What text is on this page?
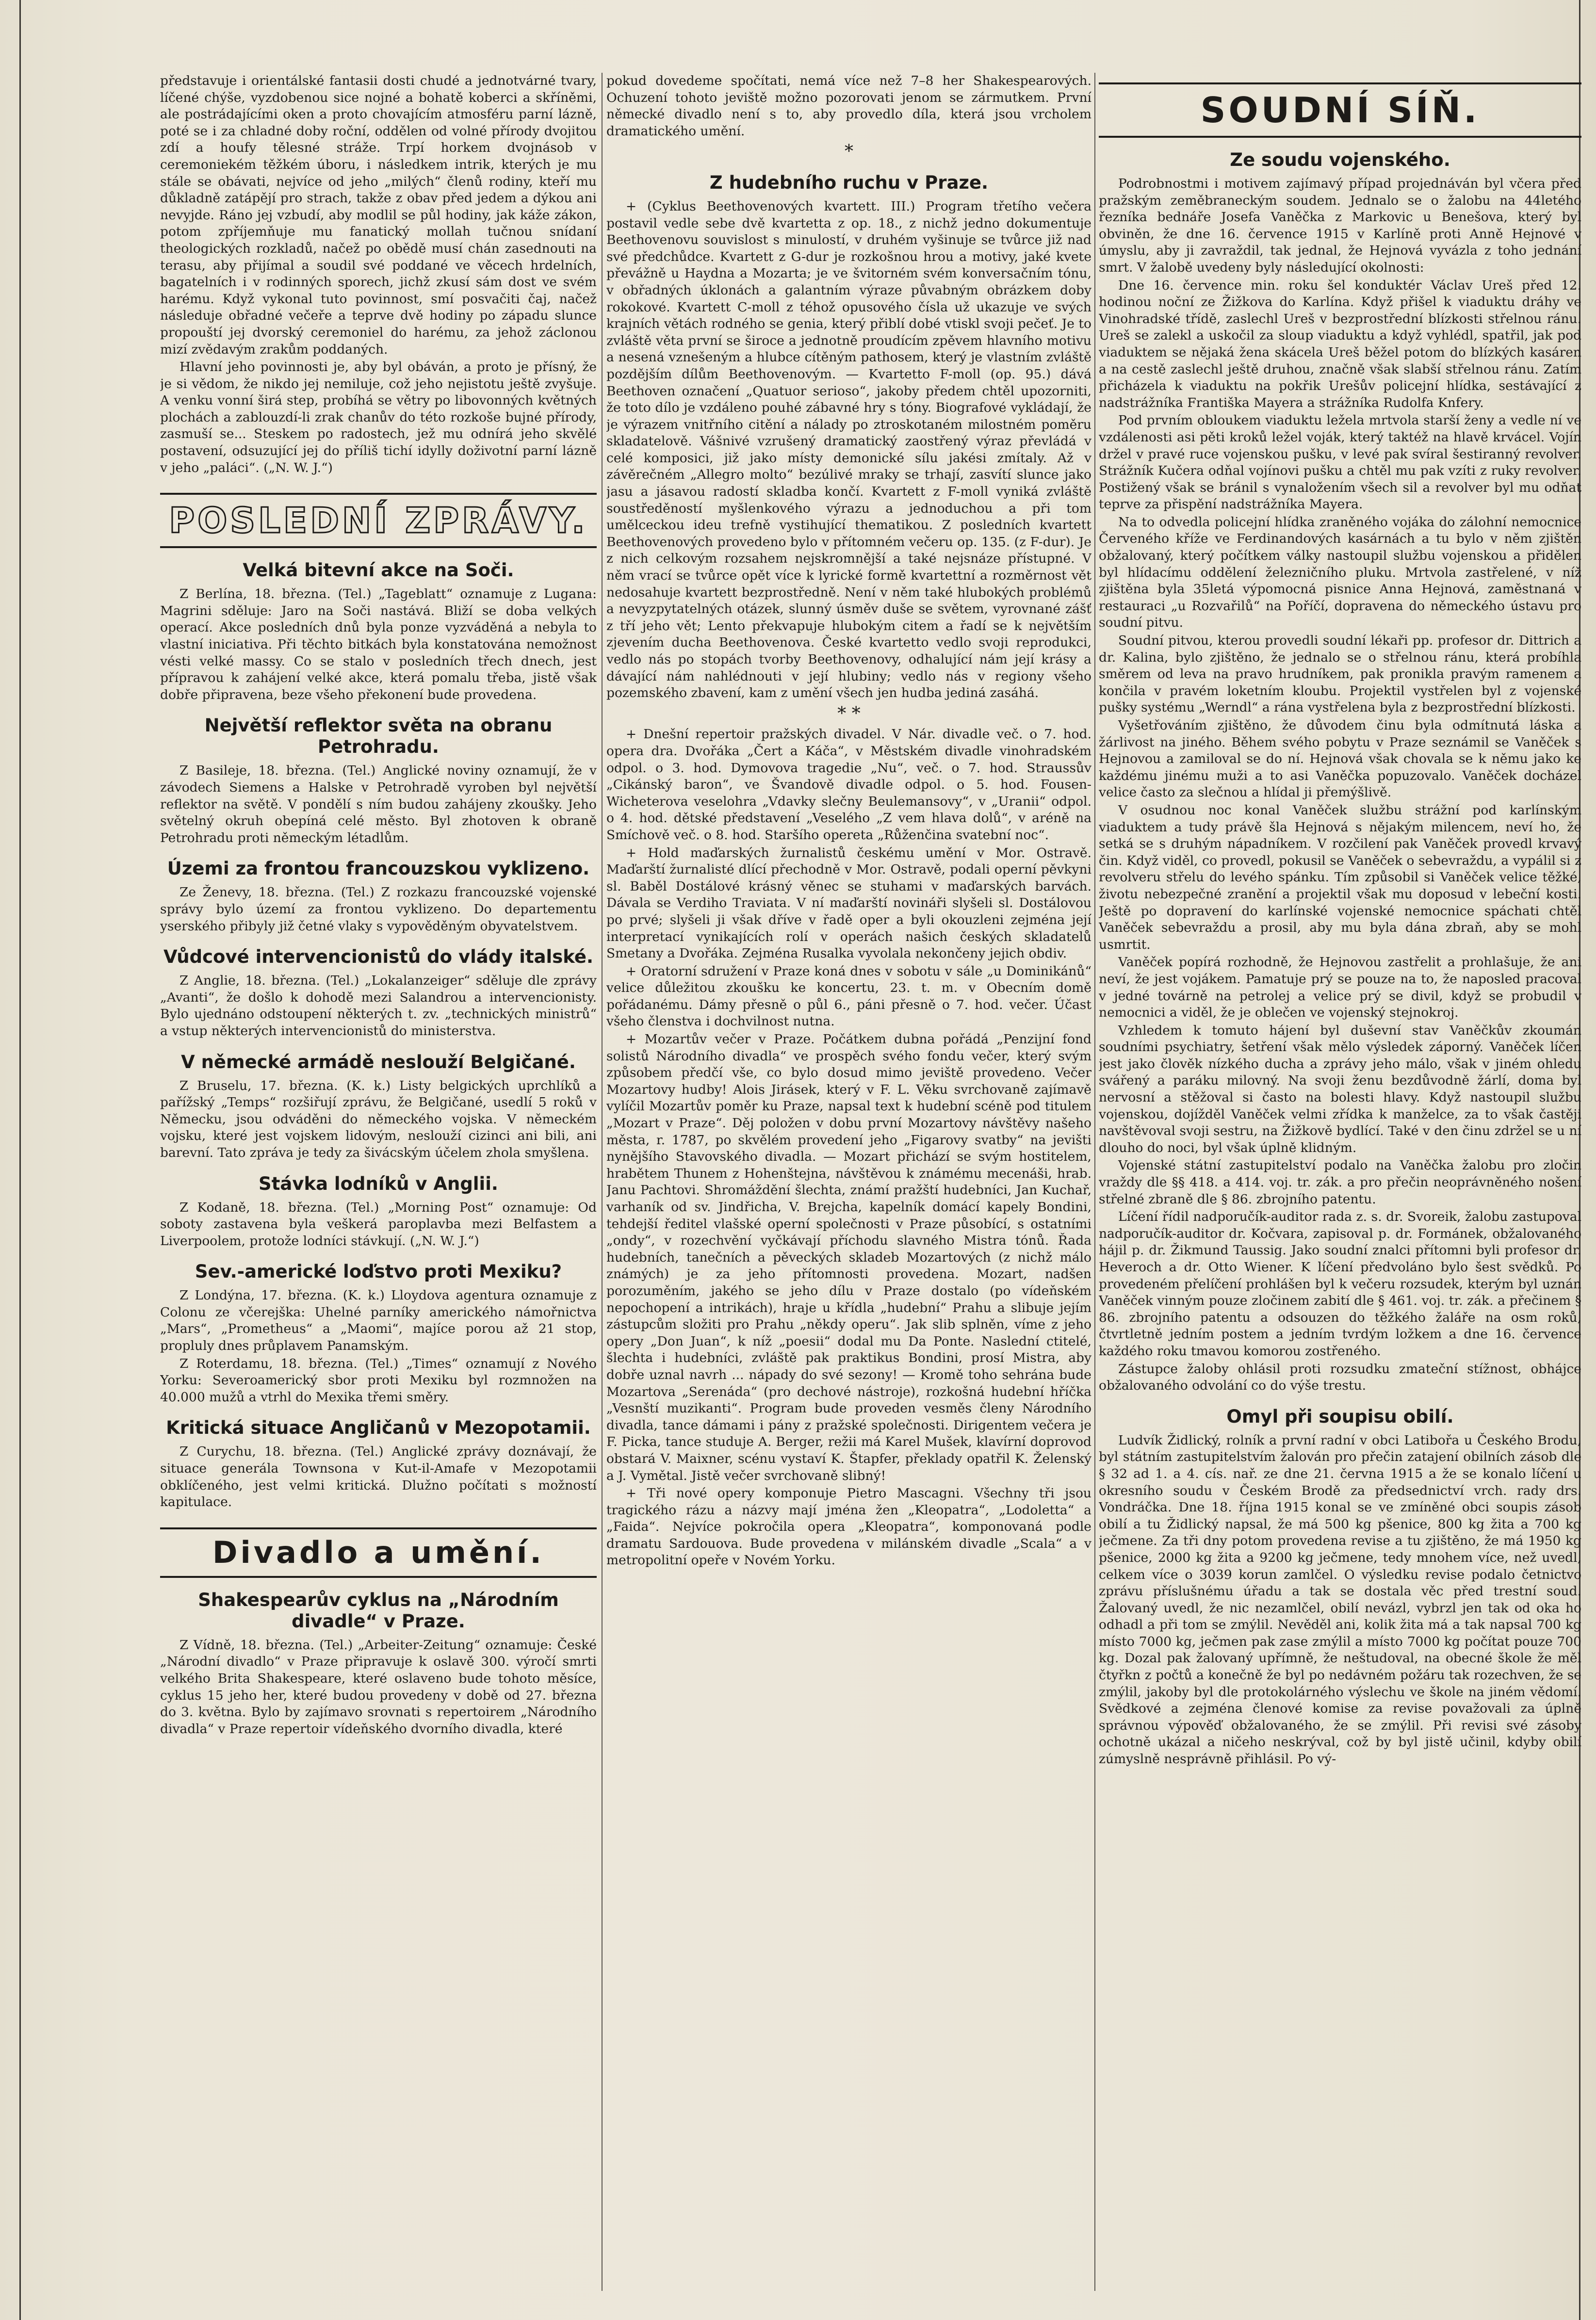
představuje i orientálské fantasii dosti chudé a jednotvárné tvary, líčené chýše, vyzdobenou sice nojné a bohatě koberci a skříněmi, ale postrádajícími oken a proto chovajícím atmosféru parní lázně, poté se i za chladné doby roční, oddělen od volné přírody dvojitou zdí a houfy tělesné stráže. Trpí horkem dvojnásob v ceremoniekém těžkém úboru, i následkem intrik, kterých je mu stále se obávati, nejvíce od jeho „milých“ členů rodiny, kteří mu důkladně zatápějí pro strach, takže z obav před jedem a dýkou ani nevyjde. Ráno jej vzbudí, aby modlil se půl hodiny, jak káže zákon, potom zpříjemňuje mu fanatický mollah tučnou snídaní theologických rozkladů, načež po obědě musí chán zasednouti na terasu, aby přijímal a soudil své poddané ve věcech hrdelních, bagatelních i v rodinných sporech, jichž zkusí sám dost ve svém harému. Když vykonal tuto povinnost, smí posvačiti čaj, načež následuje obřadné večeře a teprve dvě hodiny po západu slunce propouští jej dvorský ceremoniel do harému, za jehož záclonou mizí zvědavým zrakům poddaných.

Hlavní jeho povinnosti je, aby byl obáván, a proto je přísný, že je si vědom, že nikdo jej nemiluje, což jeho nejistotu ještě zvyšuje. A venku vonní širá step, probíhá se větry po libovonných květných plochách a zablouzdí-li zrak chanův do této rozkoše bujné přírody, zasmuší se... Steskem po radostech, jež mu odnírá jeho skvělé postavení, odsuzující jej do příliš tichí idylly doživotní parní lázně v jeho „paláci“. („N. W. J.“)

POSLEDNÍ ZPRÁVY.
Velká bitevní akce na Soči.

Z Berlína, 18. března. (Tel.) „Tageblatt“ oznamuje z Lugana: Magrini sděluje: Jaro na Soči nastává. Bliží se doba velkých operací. Akce posledních dnů byla ponze vyzváděná a nebyla to vlastní iniciativa. Při těchto bitkách byla konstatována nemožnost vésti velké massy. Co se stalo v posledních třech dnech, jest přípravou k zahájení velké akce, která pomalu třeba, jistě však dobře připravena, beze všeho překonení bude provedena.

Největší reflektor světa na obranu Petrohradu.

Z Basileje, 18. března. (Tel.) Anglické noviny oznamují, že v závodech Siemens a Halske v Petrohradě vyroben byl největší reflektor na světě. V pondělí s ním budou zahájeny zkoušky. Jeho světelný okruh obepíná celé město. Byl zhotoven k obraně Petrohradu proti německým létadlům.

Územi za frontou francouzskou vyklizeno.

Ze Ženevy, 18. března. (Tel.) Z rozkazu francouzské vojenské správy bylo území za frontou vyklizeno. Do departementu yserského přibyly již četné vlaky s vypověděným obyvatelstvem.

Vůdcové intervencionistů do vlády italské.

Z Anglie, 18. března. (Tel.) „Lokalanzeiger“ sděluje dle zprávy „Avanti“, že došlo k dohodě mezi Salandrou a intervencionisty. Bylo ujednáno odstoupení některých t. zv. „technických ministrů“ a vstup některých intervencionistů do ministerstva.

V německé armádě neslouží Belgičané.

Z Bruselu, 17. března. (K. k.) Listy belgických uprchlíků a pařížský „Temps“ rozšiřují zprávu, že Belgičané, usedlí 5 roků v Německu, jsou odváděni do německého vojska. V německém vojsku, které jest vojskem lidovým, neslouží cizinci ani bili, ani barevní. Tato zpráva je tedy za šivácským účelem zhola smyšlena.

Stávka lodníků v Anglii.

Z Kodaně, 18. března. (Tel.) „Morning Post“ oznamuje: Od soboty zastavena byla veškerá paroplavba mezi Belfastem a Liverpoolem, protože lodníci stávkují. („N. W. J.“)

Sev.-americké loďstvo proti Mexiku?

Z Londýna, 17. března. (K. k.) Lloydova agentura oznamuje z Colonu ze včerejška: Uhelné parníky amerického námořnictva „Mars“, „Prometheus“ a „Maomi“, majíce porou až 21 stop, propluly dnes průplavem Panamským.

Z Roterdamu, 18. března. (Tel.) „Times“ oznamují z Nového Yorku: Severoamerický sbor proti Mexiku byl rozmnožen na 40.000 mužů a vtrhl do Mexika třemi směry.

Kritická situace Angličanů v Mezopotamii.

Z Curychu, 18. března. (Tel.) Anglické zprávy doznávají, že situace generála Townsona v Kut-il-Amafe v Mezopotamii obklíčeného, jest velmi kritická. Dlužno počítati s možností kapitulace.

Divadlo a umění.
Shakespearův cyklus na „Národním divadle“ v Praze.

Z Vídně, 18. března. (Tel.) „Arbeiter-Zeitung“ oznamuje: České „Národní divadlo“ v Praze připravuje k oslavě 300. výročí smrti velkého Brita Shakespeare, které oslaveno bude tohoto měsíce, cyklus 15 jeho her, které budou provedeny v době od 27. března do 3. května. Bylo by zajímavo srovnati s repertoirem „Národního divadla“ v Praze repertoir vídeňského dvorního divadla, které

pokud dovedeme spočítati, nemá více než 7–8 her Shakespearových. Ochuzení tohoto jeviště možno pozorovati jenom se zármutkem. První německé divadlo není s to, aby provedlo díla, která jsou vrcholem dramatického umění.

*
Z hudebního ruchu v Praze.

+ (Cyklus Beethovenových kvartett. III.) Program třetího večera postavil vedle sebe dvě kvartetta z op. 18., z nichž jedno dokumentuje Beethovenovu souvislost s minulostí, v druhém vyšinuje se tvůrce již nad své předchůdce. Kvartett z G-dur je rozkošnou hrou a motivy, jaké kvete převážně u Haydna a Mozarta; je ve švitorném svém konversačním tónu, v obřadných úklonách a galantním výraze půvabným obrázkem doby rokokové. Kvartett C-moll z téhož opusového čísla už ukazuje ve svých krajních větách rodného se genia, který přiblí dobé vtiskl svoji pečeť. Je to zvláště věta první se široce a jednotně proudícím zpěvem hlavního motivu a nesená vznešeným a hlubce cítěným pathosem, který je vlastním zvláště pozdějším dílům Beethovenovým. — Kvartetto F-moll (op. 95.) dává Beethoven označení „Quatuor serioso“, jakoby předem chtěl upozorniti, že toto dílo je vzdáleno pouhé zábavné hry s tóny. Biografové vykládají, že je výrazem vnitřního citění a nálady po ztroskotaném milostném poměru skladatelově. Vášnivé vzrušený dramatický zaostřený výraz převládá v celé komposici, již jako místy demonické sílu jakési zmítaly. Až v závěrečném „Allegro molto“ bezúlivé mraky se trhají, zasvítí slunce jako jasu a jásavou radostí skladba končí. Kvartett z F-moll vyniká zvláště soustředěností myšlenkového výrazu a jednoduchou a při tom umělceckou ideu trefně vystihující thematikou. Z posledních kvartett Beethovenových provedeno bylo v přítomném večeru op. 135. (z F-dur). Je z nich celkovým rozsahem nejskromnější a také nejsnáze přístupné. V něm vrací se tvůrce opět více k lyrické formě kvartettní a rozměrnost vět nedosahuje kvartett bezprostředně. Není v něm také hlubokých problémů a nevyzpytatelných otázek, slunný úsměv duše se světem, vyrovnané zášť z tří jeho vět; Lento překvapuje hlubokým citem a řadí se k největším zjevením ducha Beethovenova. České kvartetto vedlo svoji reprodukci, vedlo nás po stopách tvorby Beethovenovy, odhalující nám její krásy a dávající nám nahlédnouti v její hlubiny; vedlo nás v regiony všeho pozemského zbavení, kam z umění všech jen hudba jediná zasáhá.

* *

+ Dnešní repertoir pražských divadel. V Nár. divadle več. o 7. hod. opera dra. Dvořáka „Čert a Káča“, v Městském divadle vinohradském odpol. o 3. hod. Dymovova tragedie „Nu“, več. o 7. hod. Straussův „Cikánský baron“, ve Švandově divadle odpol. o 5. hod. Fousen-Wicheterova veselohra „Vdavky slečny Beulemansovy“, v „Uranii“ odpol. o 4. hod. dětské představení „Veselého „Z vem hlava dolů“, v aréně na Smíchově več. o 8. hod. Staršího opereta „Růženčina svatební noc“.

+ Hold maďarských žurnalistů českému umění v Mor. Ostravě. Maďarští žurnalisté dlící přechodně v Mor. Ostravě, podali operní pěvkyni sl. Baběl Dostálové krásný věnec se stuhami v maďarských barvách. Dávala se Verdiho Traviata. V ní maďarští novináři slyšeli sl. Dostálovou po prvé; slyšeli ji však dříve v řadě oper a byli okouzleni zejména její interpretací vynikajících rolí v operách našich českých skladatelů Smetany a Dvořáka. Zejména Rusalka vyvolala nekončeny jejich obdiv.

+ Oratorní sdružení v Praze koná dnes v sobotu v sále „u Dominikánů“ velice důležitou zkoušku ke koncertu, 23. t. m. v Obecním domě pořádanému. Dámy přesně o půl 6., páni přesně o 7. hod. večer. Účast všeho členstva i dochvilnost nutna.

+ Mozartův večer v Praze. Počátkem dubna pořádá „Penzijní fond solistů Národního divadla“ ve prospěch svého fondu večer, který svým způsobem předčí vše, co bylo dosud mimo jeviště provedeno. Večer Mozartovy hudby! Alois Jirásek, který v F. L. Věku svrchovaně zajímavě vylíčil Mozartův poměr ku Praze, napsal text k hudební scéně pod titulem „Mozart v Praze“. Děj položen v dobu první Mozartovy návštěvy našeho města, r. 1787, po skvělém provedení jeho „Figarovy svatby“ na jevišti nynějšího Stavovského divadla. — Mozart přichází se svým hostitelem, hrabětem Thunem z Hohenštejna, návštěvou k známému mecenáši, hrab. Janu Pachtovi. Shromáždění šlechta, známí pražští hudebníci, Jan Kuchař, varhaník od sv. Jindřicha, V. Brejcha, kapelník domácí kapely Bondini, tehdejší ředitel vlašské operní společnosti v Praze působící, s ostatními „ondy“, v rozechvění vyčkávají příchodu slavného Mistra tónů. Řada hudebních, tanečních a pěveckých skladeb Mozartových (z nichž málo známých) je za jeho přítomnosti provedena. Mozart, nadšen porozuměním, jakého se jeho dílu v Praze dostalo (po vídeňském nepochopení a intrikách), hraje u křídla „hudební“ Prahu a slibuje jejím zástupcům složiti pro Prahu „někdy operu“. Jak slib splněn, víme z jeho opery „Don Juan“, k níž „poesii“ dodal mu Da Ponte. Naslední ctitelé, šlechta i hudebníci, zvláště pak praktikus Bondini, prosí Mistra, aby dobře uznal navrh ... nápady do své sezony! — Kromě toho sehrána bude Mozartova „Serenáda“ (pro dechové nástroje), rozkošná hudební hříčka „Vesnští muzikanti“. Program bude proveden vesměs členy Národního divadla, tance dámami i pány z pražské společnosti. Dirigentem večera je F. Picka, tance studuje A. Berger, režii má Karel Mušek, klavírní doprovod obstará V. Maixner, scénu vystaví K. Štapfer, překlady opatřil K. Želenský a J. Vymětal. Jistě večer svrchovaně slibný!

+ Tři nové opery komponuje Pietro Mascagni. Všechny tři jsou tragického rázu a názvy mají jména žen „Kleopatra“, „Lodoletta“ a „Faida“. Nejvíce pokročila opera „Kleopatra“, komponovaná podle dramatu Sardouova. Bude provedena v milánském divadle „Scala“ a v metropolitní opeře v Novém Yorku.

SOUDNÍ SÍŇ.
Ze soudu vojenského.

Podrobnostmi i motivem zajímavý případ projednáván byl včera před pražským zeměbraneckým soudem. Jednalo se o žalobu na 44letého řezníka bednáře Josefa Vaněčka z Markovic u Benešova, který byl obviněn, že dne 16. července 1915 v Karlíně proti Anně Hejnové v úmyslu, aby ji zavraždil, tak jednal, že Hejnová vyvázla z toho jednání smrt. V žalobě uvedeny byly následující okolnosti:

Dne 16. července min. roku šel konduktér Václav Ureš před 12. hodinou noční ze Žižkova do Karlína. Když přišel k viaduktu dráhy ve Vinohradské třídě, zaslechl Ureš v bezprostřední blízkosti střelnou ránu. Ureš se zalekl a uskočil za sloup viaduktu a když vyhlédl, spatřil, jak pod viaduktem se nějaká žena skácela Ureš běžel potom do blízkých kasáren a na cestě zaslechl ještě druhou, značně však slabší střelnou ránu. Zatím přicházela k viaduktu na pokřik Urešův policejní hlídka, sestávající z nadstrážníka Františka Mayera a strážníka Rudolfa Knfery.

Pod prvním obloukem viaduktu ležela mrtvola starší ženy a vedle ní ve vzdálenosti asi pěti kroků ležel voják, který taktéž na hlavě krvácel. Vojín držel v pravé ruce vojenskou pušku, v levé pak svíral šestiranný revolver. Strážník Kučera odňal vojínovi pušku a chtěl mu pak vzíti z ruky revolver. Postižený však se bránil s vynaložením všech sil a revolver byl mu odňat teprve za přispění nadstrážníka Mayera.

Na to odvedla policejní hlídka zraněného vojáka do zálohní nemocnice Červeného kříže ve Ferdinandových kasárnách a tu bylo v něm zjištěn obžalovaný, který počítkem války nastoupil službu vojenskou a přidělen byl hlídacímu oddělení železničního pluku. Mrtvola zastřelené, v níž zjištěna byla 35letá výpomocná pisnice Anna Hejnová, zaměstnaná v restauraci „u Rozvařilů“ na Poříčí, dopravena do německého ústavu pro soudní pitvu.

Soudní pitvou, kterou provedli soudní lékaři pp. profesor dr. Dittrich a dr. Kalina, bylo zjištěno, že jednalo se o střelnou ránu, která probíhla směrem od leva na pravo hrudníkem, pak pronikla pravým ramenem a končila v pravém loketním kloubu. Projektil vystřelen byl z vojenské pušky systému „Werndl“ a rána vystřelena byla z bezprostřední blízkosti.

Vyšetřováním zjištěno, že důvodem činu byla odmítnutá láska a žárlivost na jiného. Během svého pobytu v Praze seznámil se Vaněček s Hejnovou a zamiloval se do ní. Hejnová však chovala se k němu jako ke každému jinému muži a to asi Vaněčka popuzovalo. Vaněček docházel velice často za slečnou a hlídal ji přemýšlivě.

V osudnou noc konal Vaněček službu strážní pod karlínským viaduktem a tudy právě šla Hejnová s nějakým milencem, neví ho, že setká se s druhým nápadníkem. V rozčilení pak Vaněček provedl krvavý čin. Když viděl, co provedl, pokusil se Vaněček o sebevraždu, a vypálil si z revolveru střelu do levého spánku. Tím způsobil si Vaněček velice těžké, životu nebezpečné zranění a projektil však mu doposud v lebeční kosti. Ještě po dopravení do karlínské vojenské nemocnice spáchati chtěl Vaněček sebevraždu a prosil, aby mu byla dána zbraň, aby se mohl usmrtit.

Vaněček popírá rozhodně, že Hejnovou zastřelit a prohlašuje, že ani neví, že jest vojákem. Pamatuje prý se pouze na to, že naposled pracoval v jedné továrně na petrolej a velice prý se divil, když se probudil v nemocnici a viděl, že je oblečen ve vojenský stejnokroj.

Vzhledem k tomuto hájení byl duševní stav Vaněčkův zkoumán soudními psychiatry, šetření však mělo výsledek záporný. Vaněček líčen jest jako člověk nízkého ducha a zprávy jeho málo, však v jiném ohledu svářený a paráku milovný. Na svoji ženu bezdůvodně žárlí, doma byl nervosní a stěžoval si často na bolesti hlavy. Když nastoupil službu vojenskou, dojížděl Vaněček velmi zřídka k manželce, za to však častěji navštěvoval svoji sestru, na Žižkově bydlící. Také v den činu zdržel se u ní dlouho do noci, byl však úplně klidným.

Vojenské státní zastupitelství podalo na Vaněčka žalobu pro zločin vraždy dle §§ 418. a 414. voj. tr. zák. a pro přečin neoprávněného nošení střelné zbraně dle § 86. zbrojního patentu.

Líčení řídil nadporučík-auditor rada z. s. dr. Svoreik, žalobu zastupoval nadporučík-auditor dr. Kočvara, zapisoval p. dr. Formánek, obžalovaného hájil p. dr. Žikmund Taussig. Jako soudní znalci přítomni byli profesor dr. Heveroch a dr. Otto Wiener. K líčení předvoláno bylo šest svědků. Po provedeném přelíčení prohlášen byl k večeru rozsudek, kterým byl uznán Vaněček vinným pouze zločinem zabití dle § 461. voj. tr. zák. a přečinem § 86. zbrojního patentu a odsouzen do těžkého žaláře na osm roků, čtvrtletně jedním postem a jedním tvrdým ložkem a dne 16. července každého roku tmavou komorou zostřeného.

Zástupce žaloby ohlásil proti rozsudku zmateční stížnost, obhájce obžalovaného odvolání co do výše trestu.

Omyl při soupisu obilí.

Ludvík Židlický, rolník a první radní v obci Latibořa u Českého Brodu, byl státním zastupitelstvím žalován pro přečin zatajení obilních zásob dle § 32 ad 1. a 4. cís. nař. ze dne 21. června 1915 a že se konalo líčení u okresního soudu v Českém Brodě za předsednictví vrch. rady drs. Vondráčka. Dne 18. října 1915 konal se ve zmíněné obci soupis zásob obilí a tu Židlický napsal, že má 500 kg pšenice, 800 kg žita a 700 kg ječmene. Za tři dny potom provedena revise a tu zjištěno, že má 1950 kg pšenice, 2000 kg žita a 9200 kg ječmene, tedy mnohem více, než uvedl, celkem více o 3039 korun zamlčel. O výsledku revise podalo četnictvo zprávu příslušnému úřadu a tak se dostala věc před trestní soud. Žalovaný uvedl, že nic nezamlčel, obilí nevázl, vybrzl jen tak od oka ho odhadl a při tom se zmýlil. Nevěděl ani, kolik žita má a tak napsal 700 kg místo 7000 kg, ječmen pak zase zmýlil a místo 7000 kg počítat pouze 700 kg. Dozal pak žalovaný upřímně, že neštudoval, na obecné škole že měl čtyřkn z počtů a konečně že byl po nedávném požáru tak rozechven, že se zmýlil, jakoby byl dle protokolárného výslechu ve škole na jiném vědomí. Svědkové a zejména členové komise za revise považovali za úplně správnou výpověď obžalovaného, že se zmýlil. Při revisi své zásoby ochotně ukázal a ničeho neskrýval, což by byl jistě učinil, kdyby obilí zúmyslně nesprávně přihlásil. Po vý-
